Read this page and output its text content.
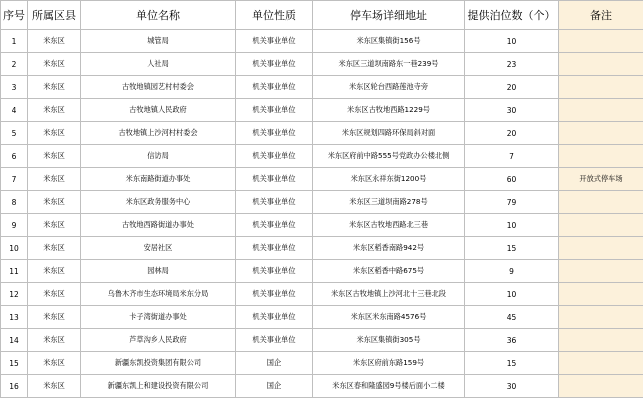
序号	所属区县	单位名称	单位性质	停车场详细地址	提供泊位数（个）	备注
1	米东区	城管局	机关事业单位	米东区集镇街156号	10	
2	米东区	人社局	机关事业单位	米东区三道坝南路东一巷239号	23	
3	米东区	古牧地镇园艺村村委会	机关事业单位	米东区轮台西路莲池寺旁	20	
4	米东区	古牧地镇人民政府	机关事业单位	米东区古牧地西路1229号	30	
5	米东区	古牧地镇上沙河村村委会	机关事业单位	米东区规划四路环保局斜对面	20	
6	米东区	信访局	机关事业单位	米东区府前中路555号党政办公楼北侧	7	
7	米东区	米东南路街道办事处	机关事业单位	米东区永祥东街1200号	60	开放式停车场
8	米东区	米东区政务服务中心	机关事业单位	米东区三道坝南路278号	79	
9	米东区	古牧地西路街道办事处	机关事业单位	米东区古牧地西路北三巷	10	
10	米东区	安居社区	机关事业单位	米东区稻香南路942号	15	
11	米东区	园林局	机关事业单位	米东区稻香中路675号	9	
12	米东区	乌鲁木齐市生态环境局米东分局	机关事业单位	米东区古牧地镇上沙河北十三巷北段	10	
13	米东区	卡子湾街道办事处	机关事业单位	米东区米东南路4576号	45	
14	米东区	芦草沟乡人民政府	机关事业单位	米东区集镇街305号	36	
15	米东区	新疆东凯投资集团有限公司	国企	米东区府前东路159号	15	
16	米东区	新疆东凯上和建设投资有限公司	国企	米东区春和隆盛园9号楼后面小二楼	30	
